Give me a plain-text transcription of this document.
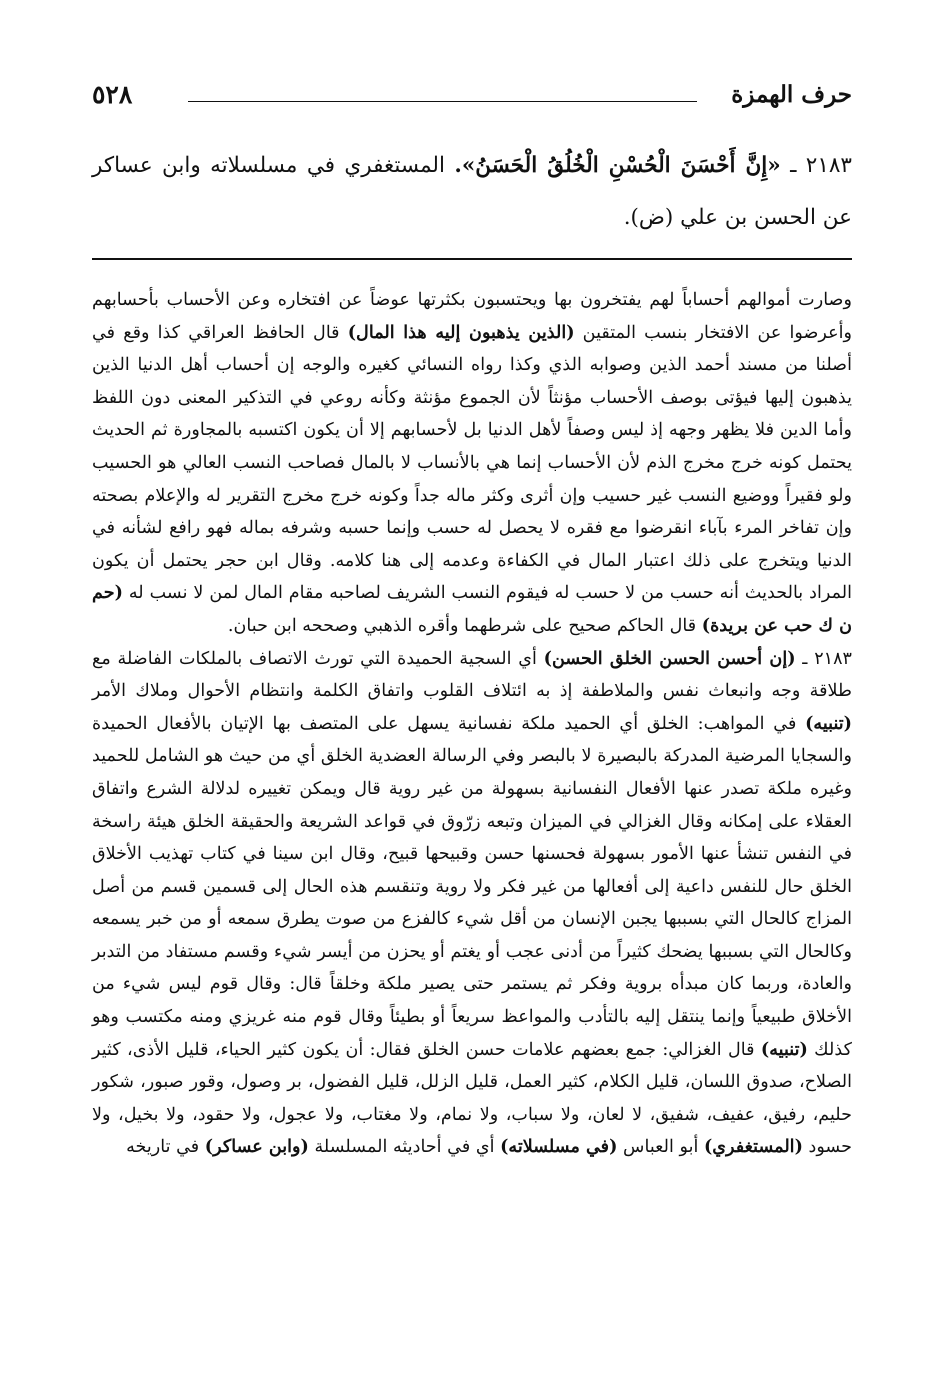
٥٢٨	حرف الهمزة
٢١٨٣ ـ «إِنَّ أَحْسَنَ الْحُسْنِ الْخُلُقُ الْحَسَنُ». المستغفري في مسلسلاته وابن عساكر عن الحسن بن علي (ض).

وصارت أموالهم أحساباً لهم يفتخرون بها ويحتسبون بكثرتها عوضاً عن افتخاره وعن الأحساب بأحسابهم وأعرضوا عن الافتخار بنسب المتقين (الذين يذهبون إليه هذا المال) قال الحافظ العراقي كذا وقع في أصلنا من مسند أحمد الذين وصوابه الذي وكذا رواه النسائي كغيره والوجه إن أحساب أهل الدنيا الذين يذهبون إليها فيؤتى بوصف الأحساب مؤنثاً لأن الجموع مؤنثة وكأنه روعي في التذكير المعنى دون اللفظ وأما الدين فلا يظهر وجهه إذ ليس وصفاً لأهل الدنيا بل لأحسابهم إلا أن يكون اكتسبه بالمجاورة ثم الحديث يحتمل كونه خرج مخرج الذم لأن الأحساب إنما هي بالأنساب لا بالمال فصاحب النسب العالي هو الحسيب ولو فقيراً ووضيع النسب غير حسيب وإن أثرى وكثر ماله جداً وكونه خرج مخرج التقرير له والإعلام بصحته وإن تفاخر المرء بآباء انقرضوا مع فقره لا يحصل له حسب وإنما حسبه وشرفه بماله فهو رافع لشأنه في الدنيا ويتخرج على ذلك اعتبار المال في الكفاءة وعدمه إلى هنا كلامه. وقال ابن حجر يحتمل أن يكون المراد بالحديث أنه حسب من لا حسب له فيقوم النسب الشريف لصاحبه مقام المال لمن لا نسب له (حم ن ك حب عن بريدة) قال الحاكم صحيح على شرطهما وأقره الذهبي وصححه ابن حبان.

٢١٨٣ ـ (إن أحسن الحسن الخلق الحسن) أي السجية الحميدة التي تورث الاتصاف بالملكات الفاضلة مع طلاقة وجه وانبعاث نفس والملاطفة إذ به ائتلاف القلوب واتفاق الكلمة وانتظام الأحوال وملاك الأمر (تنبيه) في المواهب: الخلق أي الحميد ملكة نفسانية يسهل على المتصف بها الإتيان بالأفعال الحميدة والسجايا المرضية المدركة بالبصيرة لا بالبصر وفي الرسالة العضدية الخلق أي من حيث هو الشامل للحميد وغيره ملكة تصدر عنها الأفعال النفسانية بسهولة من غير روية قال ويمكن تغييره لدلالة الشرع واتفاق العقلاء على إمكانه وقال الغزالي في الميزان وتبعه زرّوق في قواعد الشريعة والحقيقة الخلق هيئة راسخة في النفس تنشأ عنها الأمور بسهولة فحسنها حسن وقبيحها قبيح، وقال ابن سينا في كتاب تهذيب الأخلاق الخلق حال للنفس داعية إلى أفعالها من غير فكر ولا روية وتنقسم هذه الحال إلى قسمين قسم من أصل المزاج كالحال التي بسببها يجبن الإنسان من أقل شيء كالفزع من صوت يطرق سمعه أو من خبر يسمعه وكالحال التي بسببها يضحك كثيراً من أدنى عجب أو يغتم أو يحزن من أيسر شيء وقسم مستفاد من التدبر والعادة، وربما كان مبدأه بروية وفكر ثم يستمر حتى يصير ملكة وخلقاً قال: وقال قوم ليس شيء من الأخلاق طبيعياً وإنما ينتقل إليه بالتأدب والمواعظ سريعاً أو بطيئاً وقال قوم منه غريزي ومنه مكتسب وهو كذلك (تنبيه) قال الغزالي: جمع بعضهم علامات حسن الخلق فقال: أن يكون كثير الحياء، قليل الأذى، كثير الصلاح، صدوق اللسان، قليل الكلام، كثير العمل، قليل الزلل، قليل الفضول، بر وصول، وقور صبور، شكور حليم، رفيق، عفيف، شفيق، لا لعان، ولا سباب، ولا نمام، ولا مغتاب، ولا عجول، ولا حقود، ولا بخيل، ولا حسود (المستغفري) أبو العباس (في مسلسلاته) أي في أحاديثه المسلسلة (وابن عساكر) في تاريخه
